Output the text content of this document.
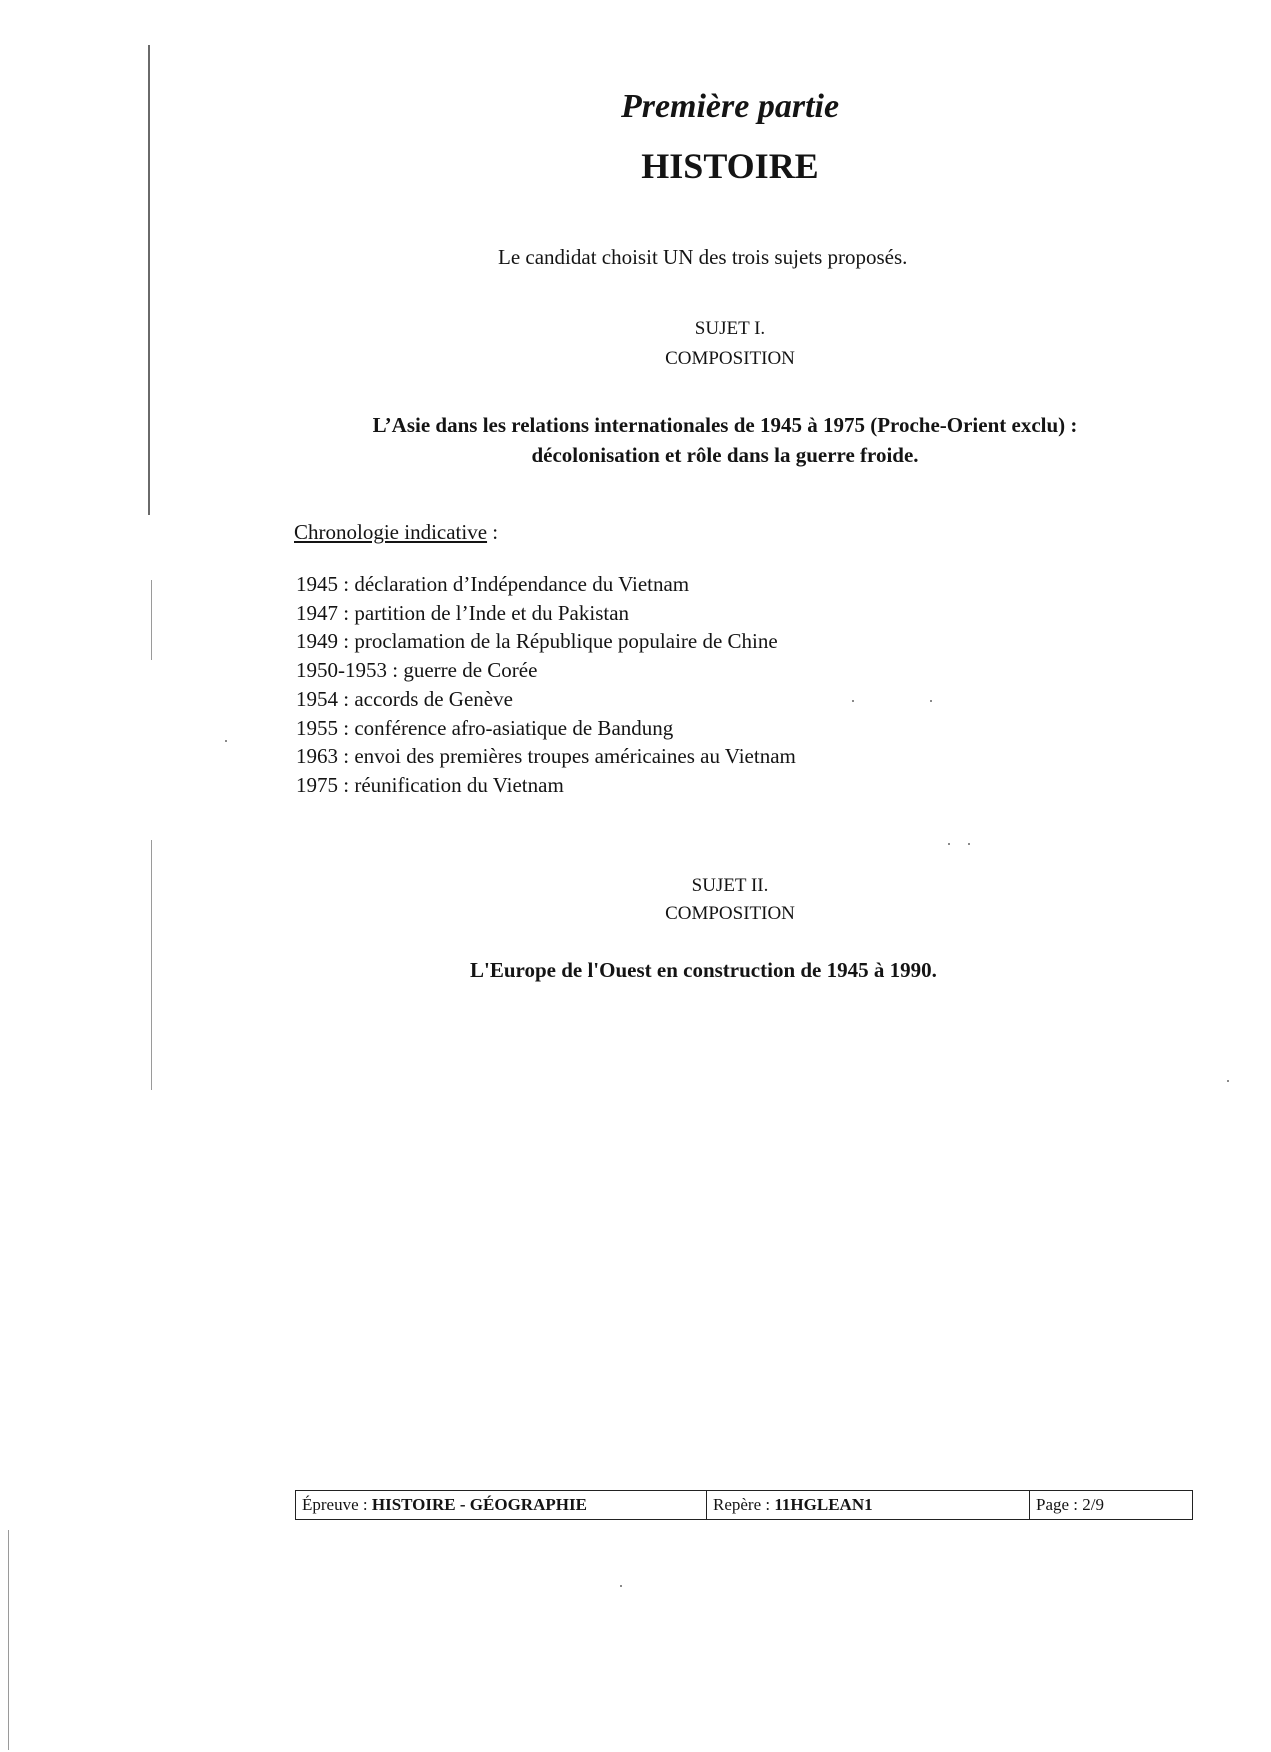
Première partie
HISTOIRE
Le candidat choisit UN des trois sujets proposés.
SUJET I.
COMPOSITION
L’Asie dans les relations internationales de 1945 à 1975 (Proche-Orient exclu) :
décolonisation et rôle dans la guerre froide.
Chronologie indicative :
1945 : déclaration d’Indépendance du Vietnam
1947 : partition de l’Inde et du Pakistan
1949 : proclamation de la République populaire de Chine
1950-1953 : guerre de Corée
1954 : accords de Genève
1955 : conférence afro-asiatique de Bandung
1963 : envoi des premières troupes américaines au Vietnam
1975 : réunification du Vietnam
SUJET II.
COMPOSITION
L'Europe de l'Ouest en construction de 1945 à 1990.
Épreuve : HISTOIRE - GÉOGRAPHIE	Repère : 11HGLEAN1	Page : 2/9
